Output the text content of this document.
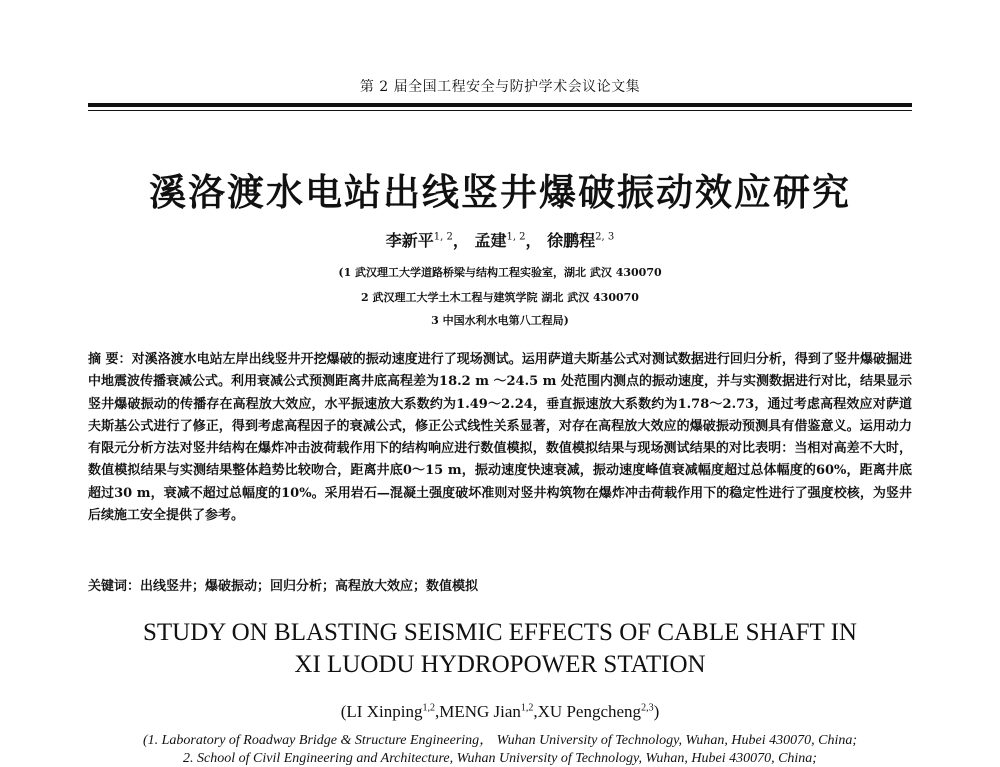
第 2 届全国工程安全与防护学术会议论文集
溪洛渡水电站出线竖井爆破振动效应研究
李新平$^{1, 2}$， 孟建$^{1, 2}$， 徐鹏程$^{2, 3}$
(1 武汉理工大学道路桥梁与结构工程实验室，湖北 武汉 430070
2 武汉理工大学土木工程与建筑学院 湖北 武汉 430070
3 中国水利水电第八工程局)
摘 要：对溪洛渡水电站左岸出线竖井开挖爆破的振动速度进行了现场测试。运用萨道夫斯基公式对测试数据进行回归分析，得到了竖井爆破掘进中地震波传播衰减公式。利用衰减公式预测距离井底高程差为18.2 m ～24.5 m 处范围内测点的振动速度，并与实测数据进行对比，结果显示竖井爆破振动的传播存在高程放大效应，水平振速放大系数约为1.49～2.24，垂直振速放大系数约为1.78～2.73，通过考虑高程效应对萨道夫斯基公式进行了修正，得到考虑高程因子的衰减公式，修正公式线性关系显著，对存在高程放大效应的爆破振动预测具有借鉴意义。运用动力有限元分析方法对竖井结构在爆炸冲击波荷载作用下的结构响应进行数值模拟，数值模拟结果与现场测试结果的对比表明：当相对高差不大时，数值模拟结果与实测结果整体趋势比较吻合，距离井底0～15 m，振动速度快速衰减，振动速度峰值衰减幅度超过总体幅度的60%，距离井底超过30 m，衰减不超过总幅度的10%。采用岩石—混凝土强度破坏准则对竖井构筑物在爆炸冲击荷载作用下的稳定性进行了强度校核，为竖井后续施工安全提供了参考。
关键词：出线竖井；爆破振动；回归分析；高程放大效应；数值模拟
STUDY ON BLASTING SEISMIC EFFECTS OF CABLE SHAFT IN
XI LUODU HYDROPOWER STATION
(LI Xinping$^{1,2}$,MENG Jian$^{1,2}$,XU Pengcheng$^{2,3}$)
(1. Laboratory of Roadway Bridge & Structure Engineering， Wuhan University of Technology, Wuhan, Hubei 430070, China;
2. School of Civil Engineering and Architecture, Wuhan University of Technology, Wuhan, Hubei 430070, China;
